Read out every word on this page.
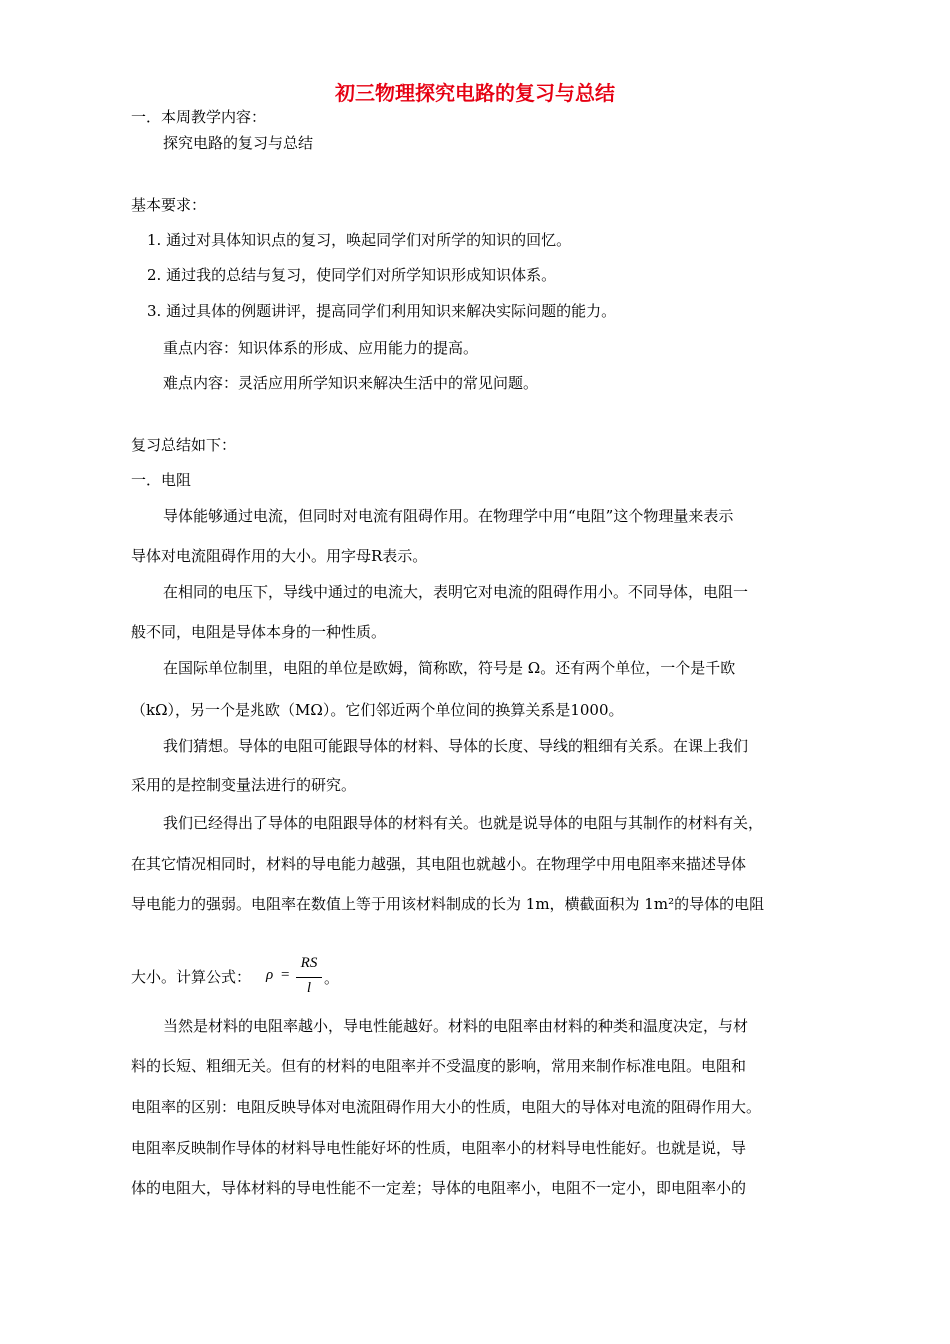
初三物理探究电路的复习与总结
一．本周教学内容：
探究电路的复习与总结
基本要求：
1. 通过对具体知识点的复习，唤起同学们对所学的知识的回忆。
2. 通过我的总结与复习，使同学们对所学知识形成知识体系。
3. 通过具体的例题讲评，提高同学们利用知识来解决实际问题的能力。
重点内容：知识体系的形成、应用能力的提高。
难点内容：灵活应用所学知识来解决生活中的常见问题。
复习总结如下：
一．电阻
导体能够通过电流，但同时对电流有阻碍作用。在物理学中用“电阻”这个物理量来表示
导体对电流阻碍作用的大小。用字母R表示。
在相同的电压下，导线中通过的电流大，表明它对电流的阻碍作用小。不同导体，电阻一
般不同，电阻是导体本身的一种性质。
在国际单位制里，电阻的单位是欧姆，简称欧，符号是 Ω。还有两个单位，一个是千欧
（kΩ），另一个是兆欧（MΩ）。它们邻近两个单位间的换算关系是1000。
我们猜想。导体的电阻可能跟导体的材料、导体的长度、导线的粗细有关系。在课上我们
采用的是控制变量法进行的研究。
我们已经得出了导体的电阻跟导体的材料有关。也就是说导体的电阻与其制作的材料有关，
在其它情况相同时，材料的导电能力越强，其电阻也就越小。在物理学中用电阻率来描述导体
导电能力的强弱。电阻率在数值上等于用该材料制成的长为 1m，横截面积为 1m²的导体的电阻
大小。计算公式： ρ =
RS
l
。
当然是材料的电阻率越小，导电性能越好。材料的电阻率由材料的种类和温度决定，与材
料的长短、粗细无关。但有的材料的电阻率并不受温度的影响，常用来制作标准电阻。电阻和
电阻率的区别：电阻反映导体对电流阻碍作用大小的性质，电阻大的导体对电流的阻碍作用大。
电阻率反映制作导体的材料导电性能好坏的性质，电阻率小的材料导电性能好。也就是说，导
体的电阻大，导体材料的导电性能不一定差；导体的电阻率小，电阻不一定小，即电阻率小的
